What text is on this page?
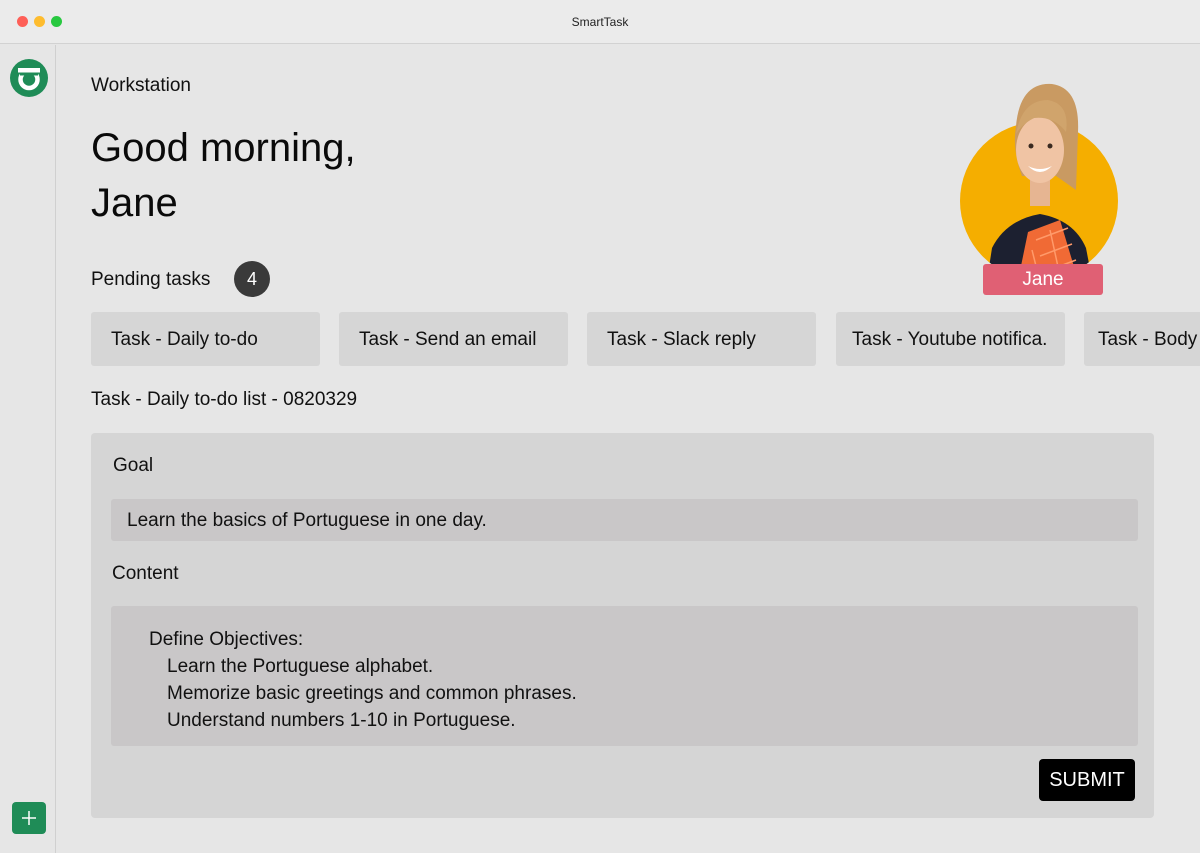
SmartTask
Workstation
Good morning,
Jane
Jane
Pending tasks	4
Task - Daily to-do	Task - Send an email	Task - Slack reply	Task - Youtube notifica.	Task - Body
Task - Daily to-do list - 0820329
Goal
Learn the basics of Portuguese in one day.
Content
Define Objectives:
Learn the Portuguese alphabet.
Memorize basic greetings and common phrases.
Understand numbers 1-10 in Portuguese.
SUBMIT
